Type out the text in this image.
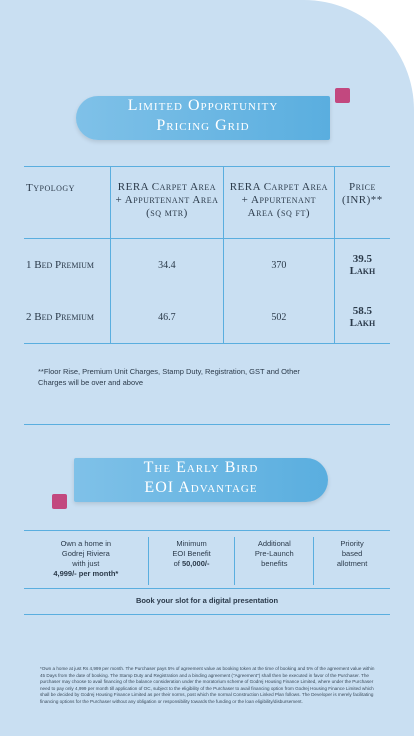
Limited Opportunity
Pricing Grid
Typology	RERA Carpet Area + Appurtenant Area (sq mtr)	RERA Carpet Area + Appurtenant Area (sq ft)	Price (INR)**
1 Bed Premium	34.4	370	39.5 Lakh
2 Bed Premium	46.7	502	58.5 Lakh
**Floor Rise, Premium Unit Charges, Stamp Duty, Registration, GST and Other Charges will be over and above
The Early Bird
EOI Advantage
Own a home in
Godrej Riviera
with just
4,999/- per month*
Minimum
EOI Benefit
of 50,000/-
Additional
Pre-Launch
benefits
Priority
based
allotment
Book your slot for a digital presentation
*Own a home at just Rs 4,999 per month. The Purchaser pays 5% of agreement value as booking token at the time of booking and 5% of the agreement value within 45 Days from the date of booking. The Stamp Duty and Registration and a binding agreement ("Agreement") shall then be executed in favor of the Purchaser. The purchaser may choose to avail financing of the balance consideration under the moratorium scheme of Godrej Housing Finance Limited, where under the Purchaser need to pay only 4,999 per month till application of OC, subject to the eligibility of the Purchaser to avail financing option from Godrej Housing Finance Limited which shall be decided by Godrej Housing Finance Limited as per their norms, post which the normal Construction Linked Plan follows. The Developer is merely facilitating financing options for the Purchaser without any obligation or responsibility towards the funding or the loan eligibility/disbursement.
